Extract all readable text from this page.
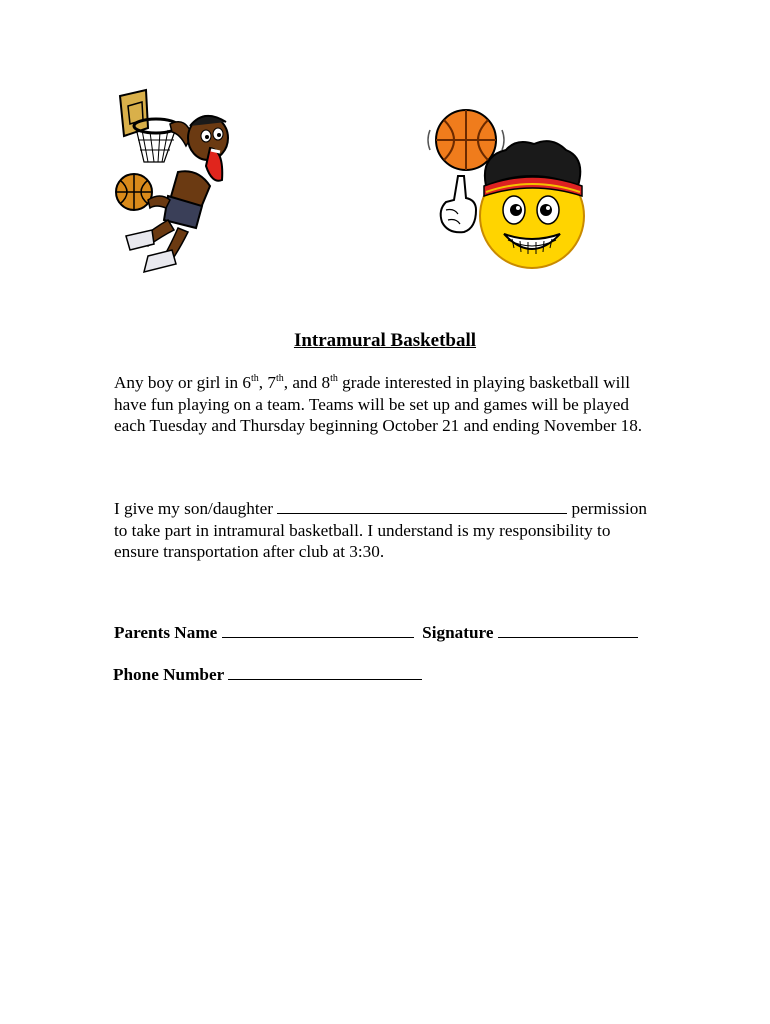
Intramural Basketball

Any boy or girl in 6th, 7th, and 8th grade interested in playing basketball will
have fun playing on a team. Teams will be set up and games will be played
each Tuesday and Thursday beginning October 21 and ending November 18.

I give my son/daughter	permission
to take part in intramural basketball. I understand is my responsibility to
ensure transportation after club at 3:30.

Parents Name	Signature
Phone Number
